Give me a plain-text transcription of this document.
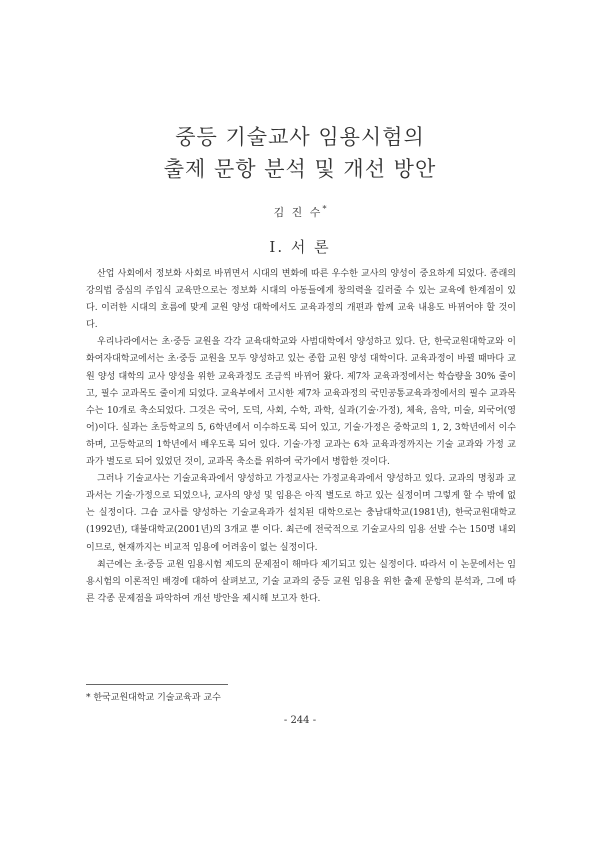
중등 기술교사 임용시험의
출제 문항 분석 및 개선 방안
김 진 수*
Ⅰ. 서 론

산업 사회에서 정보화 사회로 바뀌면서 시대의 변화에 따른 우수한 교사의 양성이 중요하게 되었다. 종래의 강의법 중심의 주입식 교육만으로는 정보화 시대의 아동들에게 창의력을 길러줄 수 있는 교육에 한계점이 있다. 이러한 시대의 흐름에 맞게 교원 양성 대학에서도 교육과정의 개편과 함께 교육 내용도 바뀌어야 할 것이다.

우리나라에서는 초·중등 교원을 각각 교육대학교와 사범대학에서 양성하고 있다. 단, 한국교원대학교와 이화여자대학교에서는 초·중등 교원을 모두 양성하고 있는 종합 교원 양성 대학이다. 교육과정이 바뀔 때마다 교원 양성 대학의 교사 양성을 위한 교육과정도 조금씩 바뀌어 왔다. 제7차 교육과정에서는 학습량을 30% 줄이고, 필수 교과목도 줄이게 되었다. 교육부에서 고시한 제7차 교육과정의 국민공통교육과정에서의 필수 교과목 수는 10개로 축소되었다. 그것은 국어, 도덕, 사회, 수학, 과학, 실과(기술·가정), 체육, 음악, 미술, 외국어(영어)이다. 실과는 초등학교의 5, 6학년에서 이수하도록 되어 있고, 기술·가정은 중학교의 1, 2, 3학년에서 이수하며, 고등학교의 1학년에서 배우도록 되어 있다. 기술·가정 교과는 6차 교육과정까지는 기술 교과와 가정 교과가 별도로 되어 있었던 것이, 교과목 축소를 위하여 국가에서 병합한 것이다.

그러나 기술교사는 기술교육과에서 양성하고 가정교사는 가정교육과에서 양성하고 있다. 교과의 명칭과 교과서는 기술·가정으로 되었으나, 교사의 양성 및 임용은 아직 별도로 하고 있는 실정이며 그렇게 할 수 밖에 없는 실정이다. 그숍 교사를 양성하는 기술교육과가 설치된 대학으로는 충남대학교(1981년), 한국교원대학교(1992년), 대불대학교(2001년)의 3개교 뿐 이다. 최근에 전국적으로 기술교사의 임용 선발 수는 150명 내외이므로, 현재까지는 비교적 임용에 어려움이 없는 실정이다.

최근에는 초·중등 교원 임용시험 제도의 문제점이 해마다 제기되고 있는 실정이다. 따라서 이 논문에서는 임용시험의 이론적인 배경에 대하여 살펴보고, 기술 교과의 중등 교원 임용을 위한 출제 문항의 분석과, 그에 따른 각종 문제점을 파악하여 개선 방안을 제시해 보고자 한다.

* 한국교원대학교 기술교육과 교수
- 244 -
